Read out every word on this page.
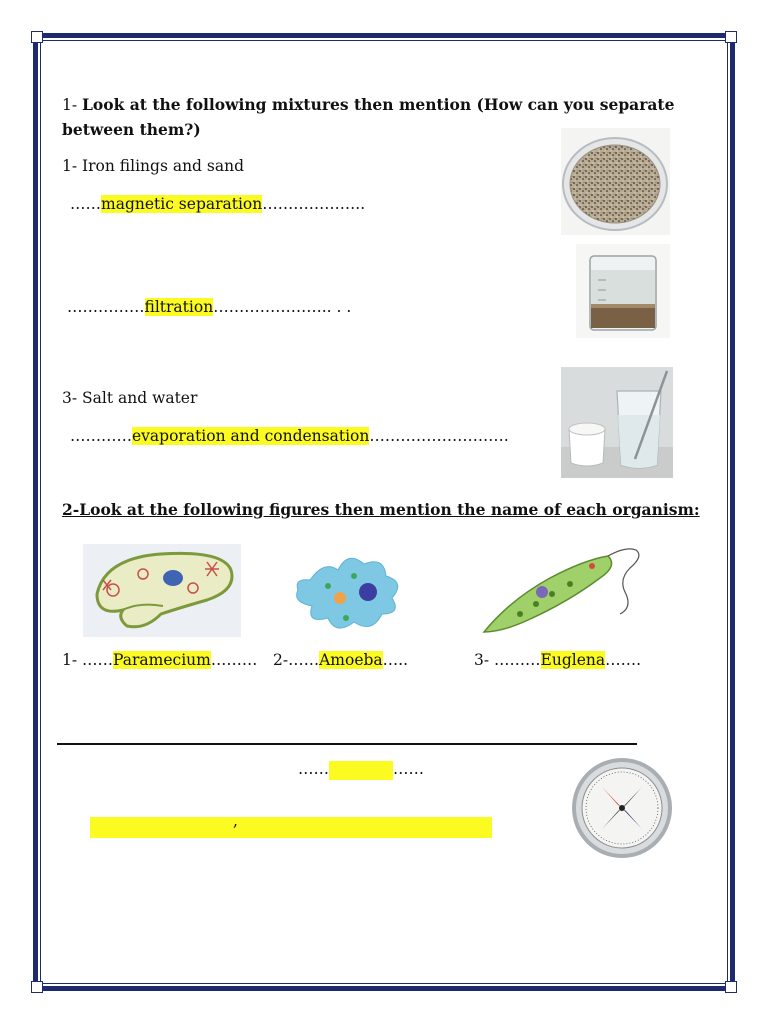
1- Look at the following mixtures then mention (How can you separate
between them?)
1- Iron filings and sand
……magnetic separation………………..
……………filtration………………….. . .
3- Salt and water
…………evaporation and condensation………………………
2-Look at the following figures then mention the name of each organism:
1- ……Paramecium……… 2-……Amoeba…..	3- ………Euglena…….
……	……
,
